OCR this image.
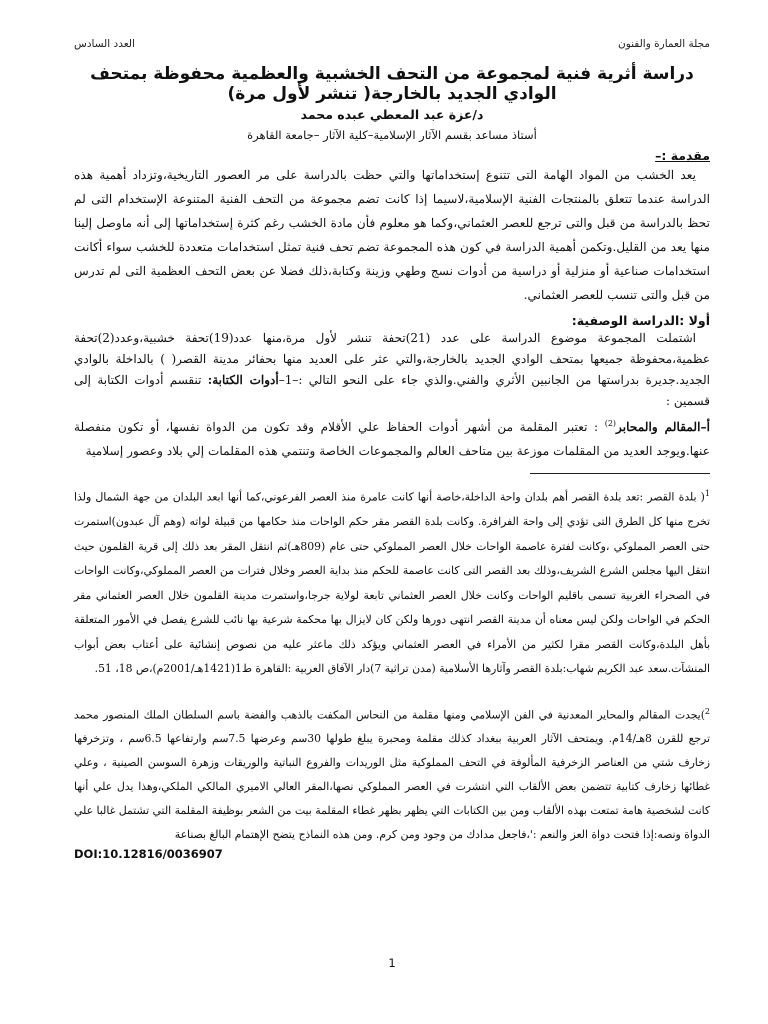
مجلة العمارة والفنون
العدد السادس
دراسة أثرية فنية لمجموعة من التحف الخشبية والعظمية محفوظة بمتحف الوادي الجديد بالخارجة( تنشر لأول مرة)
د/عزة عبد المعطي عبده محمد
أستاذ مساعد بقسم الآثار الإسلامية–كلية الآثار –جامعة القاهرة
مقدمة :–

يعد الخشب من المواد الهامة التى تتنوع إستخداماتها والتي حظت بالدراسة على مر العصور التاريخية،وتزداد أهمية هذه الدراسة عندما تتعلق بالمنتجات الفنية الإسلامية،لاسيما إذا كانت تضم مجموعة من التحف الفنية المتنوعة الإستخدام التى لم تحظ بالدراسة من قبل والتى ترجع للعصر العثماني،وكما هو معلوم فأن مادة الخشب رغم كثرة إستخداماتها إلى أنه ماوصل إلينا منها يعد من القليل.وتكمن أهمية الدراسة في كون هذه المجموعة تضم تحف فنية تمثل استخدامات متعددة للخشب سواء أكانت استخدامات صناعية أو منزلية أو دراسية من أدوات نسج وطهي وزينة وكتابة،ذلك فضلا عن بعض التحف العظمية التى لم تدرس من قبل والتى تنسب للعصر العثماني.

أولا :الدراسة الوصفية:

اشتملت المجموعة موضوع الدراسة على عدد (21)تحفة تنشر لأول مرة،منها عدد(19)تحفة خشبية،وعدد(2)تحفة عظمية،محفوظة جميعها بمتحف الوادي الجديد بالخارجة،والتي عثر على العديد منها بحفائر مدينة القصر( ) بالداخلة بالوادي الجديد.جديرة بدراستها من الجانبين الأثري والفني.والذي جاء على النحو التالي :–1–أدوات الكتابة: تنقسم أدوات الكتابة إلى قسمين :

أ–المقالم والمحابر$^{(2)}$ : تعتبر المقلمة من أشهر أدوات الحفاظ علي الأقلام وقد تكون من الدواة نفسها، أو تكون منفصلة عنها.ويوجد العديد من المقلمات موزعة بين متاحف العالم والمجموعات الخاصة وتنتمي هذه المقلمات إلي بلاد وعصور إسلامية

$^1$( بلدة القصر :تعد بلدة القصر أهم بلدان واحة الداخلة،خاصة أنها كانت عامرة منذ العصر الفرعوني،كما أنها ابعد البلدان من جهة الشمال ولذا تخرج منها كل الطرق التى تؤدي إلى واحة الفرافرة. وكانت بلدة القصر مقر حكم الواحات منذ حكامها من قبيلة لواته (وهم آل عبدون)استمرت حتى العصر المملوكي ،وكانت لفترة عاصمة الواحات خلال العصر المملوكي حتى عام (809هـ)ثم انتقل المقر بعد ذلك إلى قرية القلمون حيث انتقل اليها مجلس الشرع الشريف،وذلك بعد القصر التى كانت عاصمة للحكم منذ بداية العصر وخلال فترات من العصر المملوكي،وكانت الواحات في الصحراء الغربية تسمى باقليم الواحات وكانت خلال العصر العثماني تابعة لولاية جرجا،واستمرت مدينة القلمون خلال العصر العثماني مقر الحكم في الواحات ولكن ليس معناه أن مدينة القصر انتهى دورها ولكن كان لايزال بها محكمة شرعية بها نائب للشرع يفصل في الأمور المتعلقة بأهل البلدة،وكانت القصر مقرا لكثير من الأمراء في العصر العثماني ويؤكد ذلك ماعثر عليه من نصوص إنشائية على أعتاب بعض أبواب المنشآت.سعد عبد الكريم شهاب:بلدة القصر وآثارها الأسلامية (مدن تراثية 7)دار الآفاق العربية :القاهرة ط1(1421هـ/2001م)،ص 18، 51.

$^2$)يجدت المقالم والمحاير المعدنية في الفن الإسلامي ومنها مقلمة من النحاس المكفت بالذهب والفضة باسم السلطان الملك المنصور محمد ترجع للقرن 8هـ/14م. ويمتحف الآثار العربية ببغداد كذلك مقلمة ومحبرة يبلغ طولها 30سم وعرضها 7.5سم وارتفاعها 6.5سم ، وتزخرفها زخارف شتي من العناصر الزخرفية المألوفة في التحف المملوكية مثل الوريدات والفروع النباتية والوريقات وزهرة السوسن الصينية ، وعلي غطائها زخارف كتابية تتضمن بعض الألقاب التي انتشرت في العصر المملوكي نصها،المقر العالي الاميري المالكي الملكي،وهذا يدل علي أنها كانت لشخصية هامة تمتعت بهذه الألقاب ومن بين الكتابات التي يظهر بظهر غطاء المقلمة بيت من الشعر بوظيفة المقلمة التي تشتمل غالبا علي الدواة ونصه:إذا فتحت دواة العز والنعم :'،فاجعل مدادك من وجود ومن كرم. ومن هذه النماذج يتضح الإهتمام البالغ بصناعة

DOI:10.12816/0036907
1
